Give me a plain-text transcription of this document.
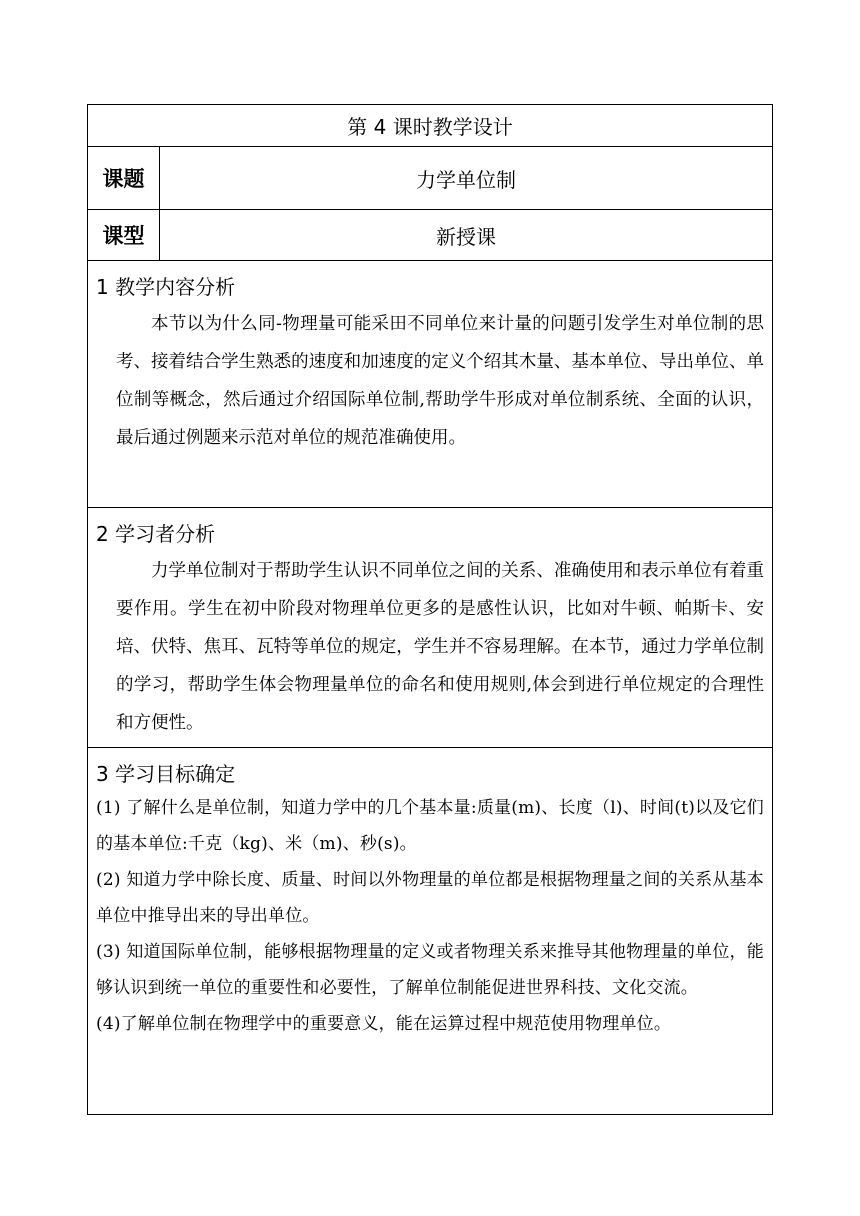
第 4 课时教学设计
课题	力学单位制
课型	新授课
1 教学内容分析

本节以为什么同-物理量可能采田不同单位来计量的问题引发学生对单位制的思考、接着结合学生熟悉的速度和加速度的定义个绍其木量、基本单位、导出单位、单位制等概念，然后通过介绍国际单位制,帮助学牛形成对单位制系统、全面的认识，最后通过例题来示范对单位的规范准确使用。

2 学习者分析

力学单位制对于帮助学生认识不同单位之间的关系、准确使用和表示单位有着重要作用。学生在初中阶段对物理单位更多的是感性认识，比如对牛顿、帕斯卡、安培、伏特、焦耳、瓦特等单位的规定，学生并不容易理解。在本节，通过力学单位制的学习，帮助学生体会物理量单位的命名和使用规则,体会到进行单位规定的合理性和方便性。

3 学习目标确定

(1) 了解什么是单位制，知道力学中的几个基本量:质量(m)、长度（l)、时间(t)以及它们的基本单位:千克（kg)、米（m)、秒(s)。

(2) 知道力学中除长度、质量、时间以外物理量的单位都是根据物理量之间的关系从基本单位中推导出来的导出单位。

(3) 知道国际单位制，能够根据物理量的定义或者物理关系来推导其他物理量的单位，能够认识到统一单位的重要性和必要性，了解单位制能促进世界科技、文化交流。

(4)了解单位制在物理学中的重要意义，能在运算过程中规范使用物理单位。
